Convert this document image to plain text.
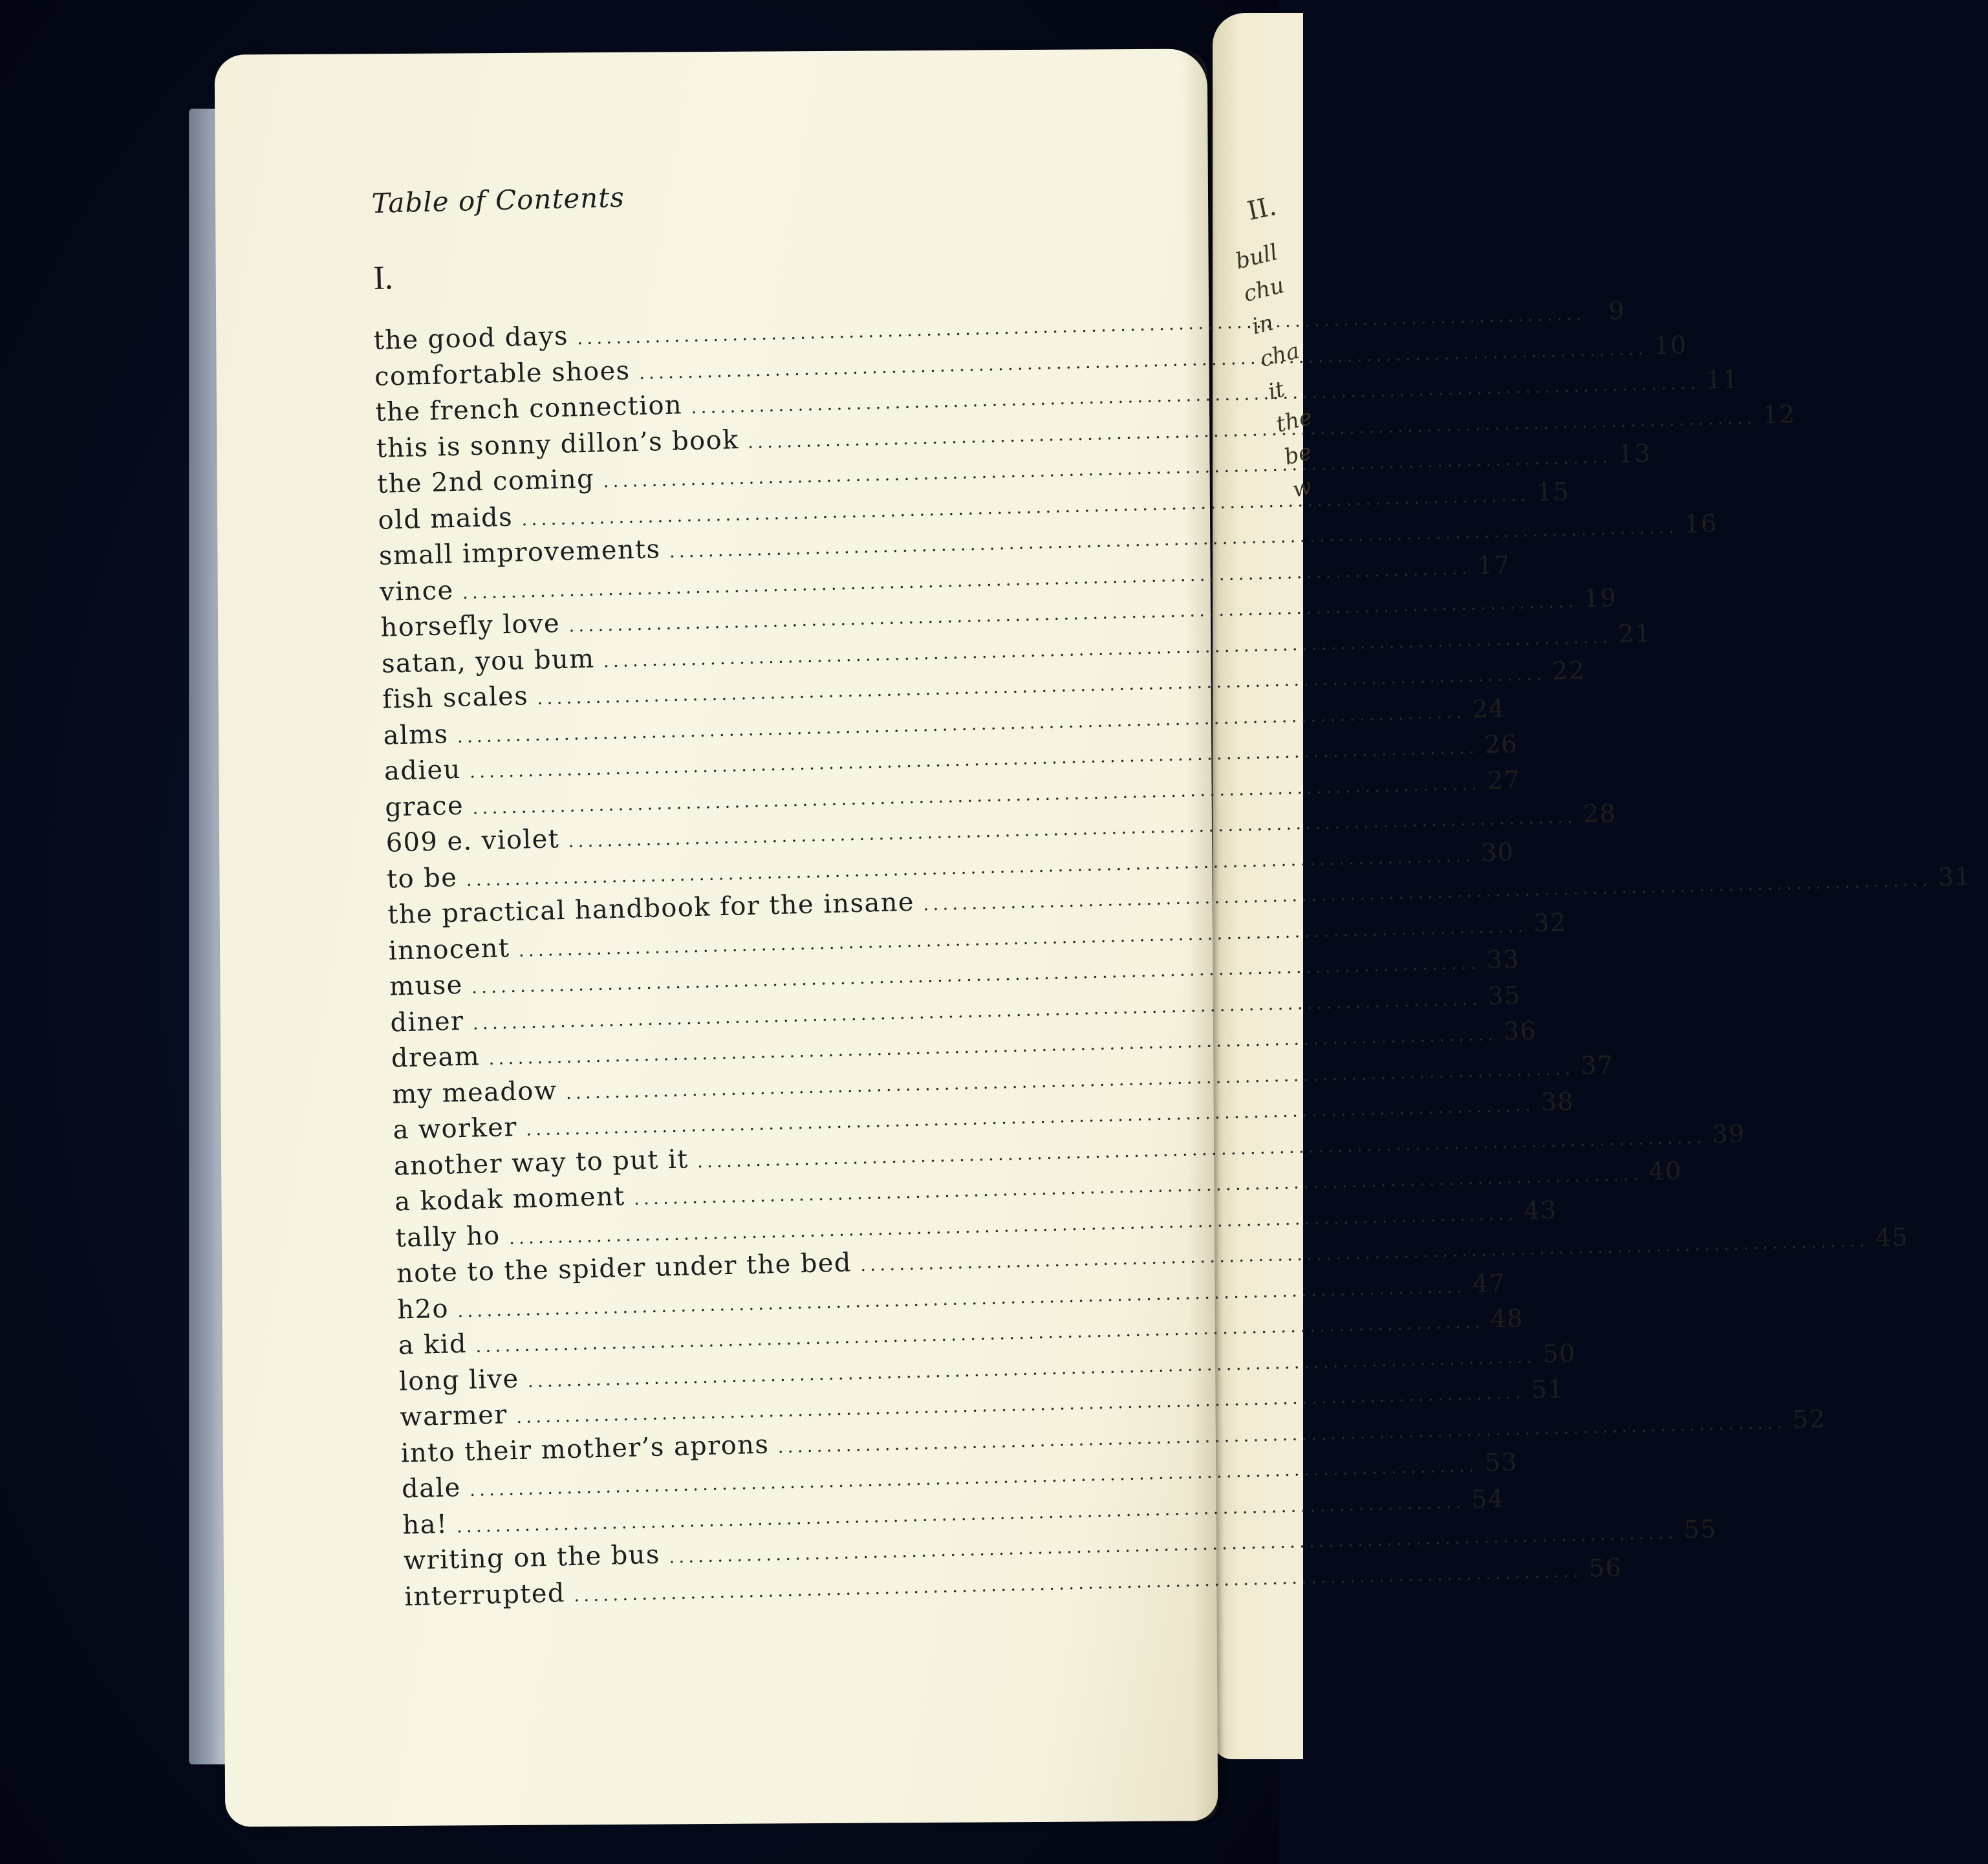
II.
bull
chu
in
cha
it
the
be
w
Table of Contents
I.
the good days
. . .
9
comfortable shoes
. . .
10
the french connection
. . .
11
this is sonny dillon’s book
. . .
12
the 2nd coming
. . .
13
old maids
. . .
15
small improvements
. . .
16
vince
. . .
17
horsefly love
. . .
19
satan, you bum
. . .
21
fish scales
. . .
22
alms
. . .
24
adieu
. . .
26
grace
. . .
27
609 e. violet
. . .
28
to be
. . .
30
the practical handbook for the insane
. . .
31
innocent
. . .
32
muse
. . .
33
diner
. . .
35
dream
. . .
36
my meadow
. . .
37
a worker
. . .
38
another way to put it
. . .
39
a kodak moment
. . .
40
tally ho
. . .
43
note to the spider under the bed
. . .
45
h2o
. . .
47
a kid
. . .
48
long live
. . .
50
warmer
. . .
51
into their mother’s aprons
. . .
52
dale
. . .
53
ha!
. . .
54
writing on the bus
. . .
55
interrupted
. . .
56
